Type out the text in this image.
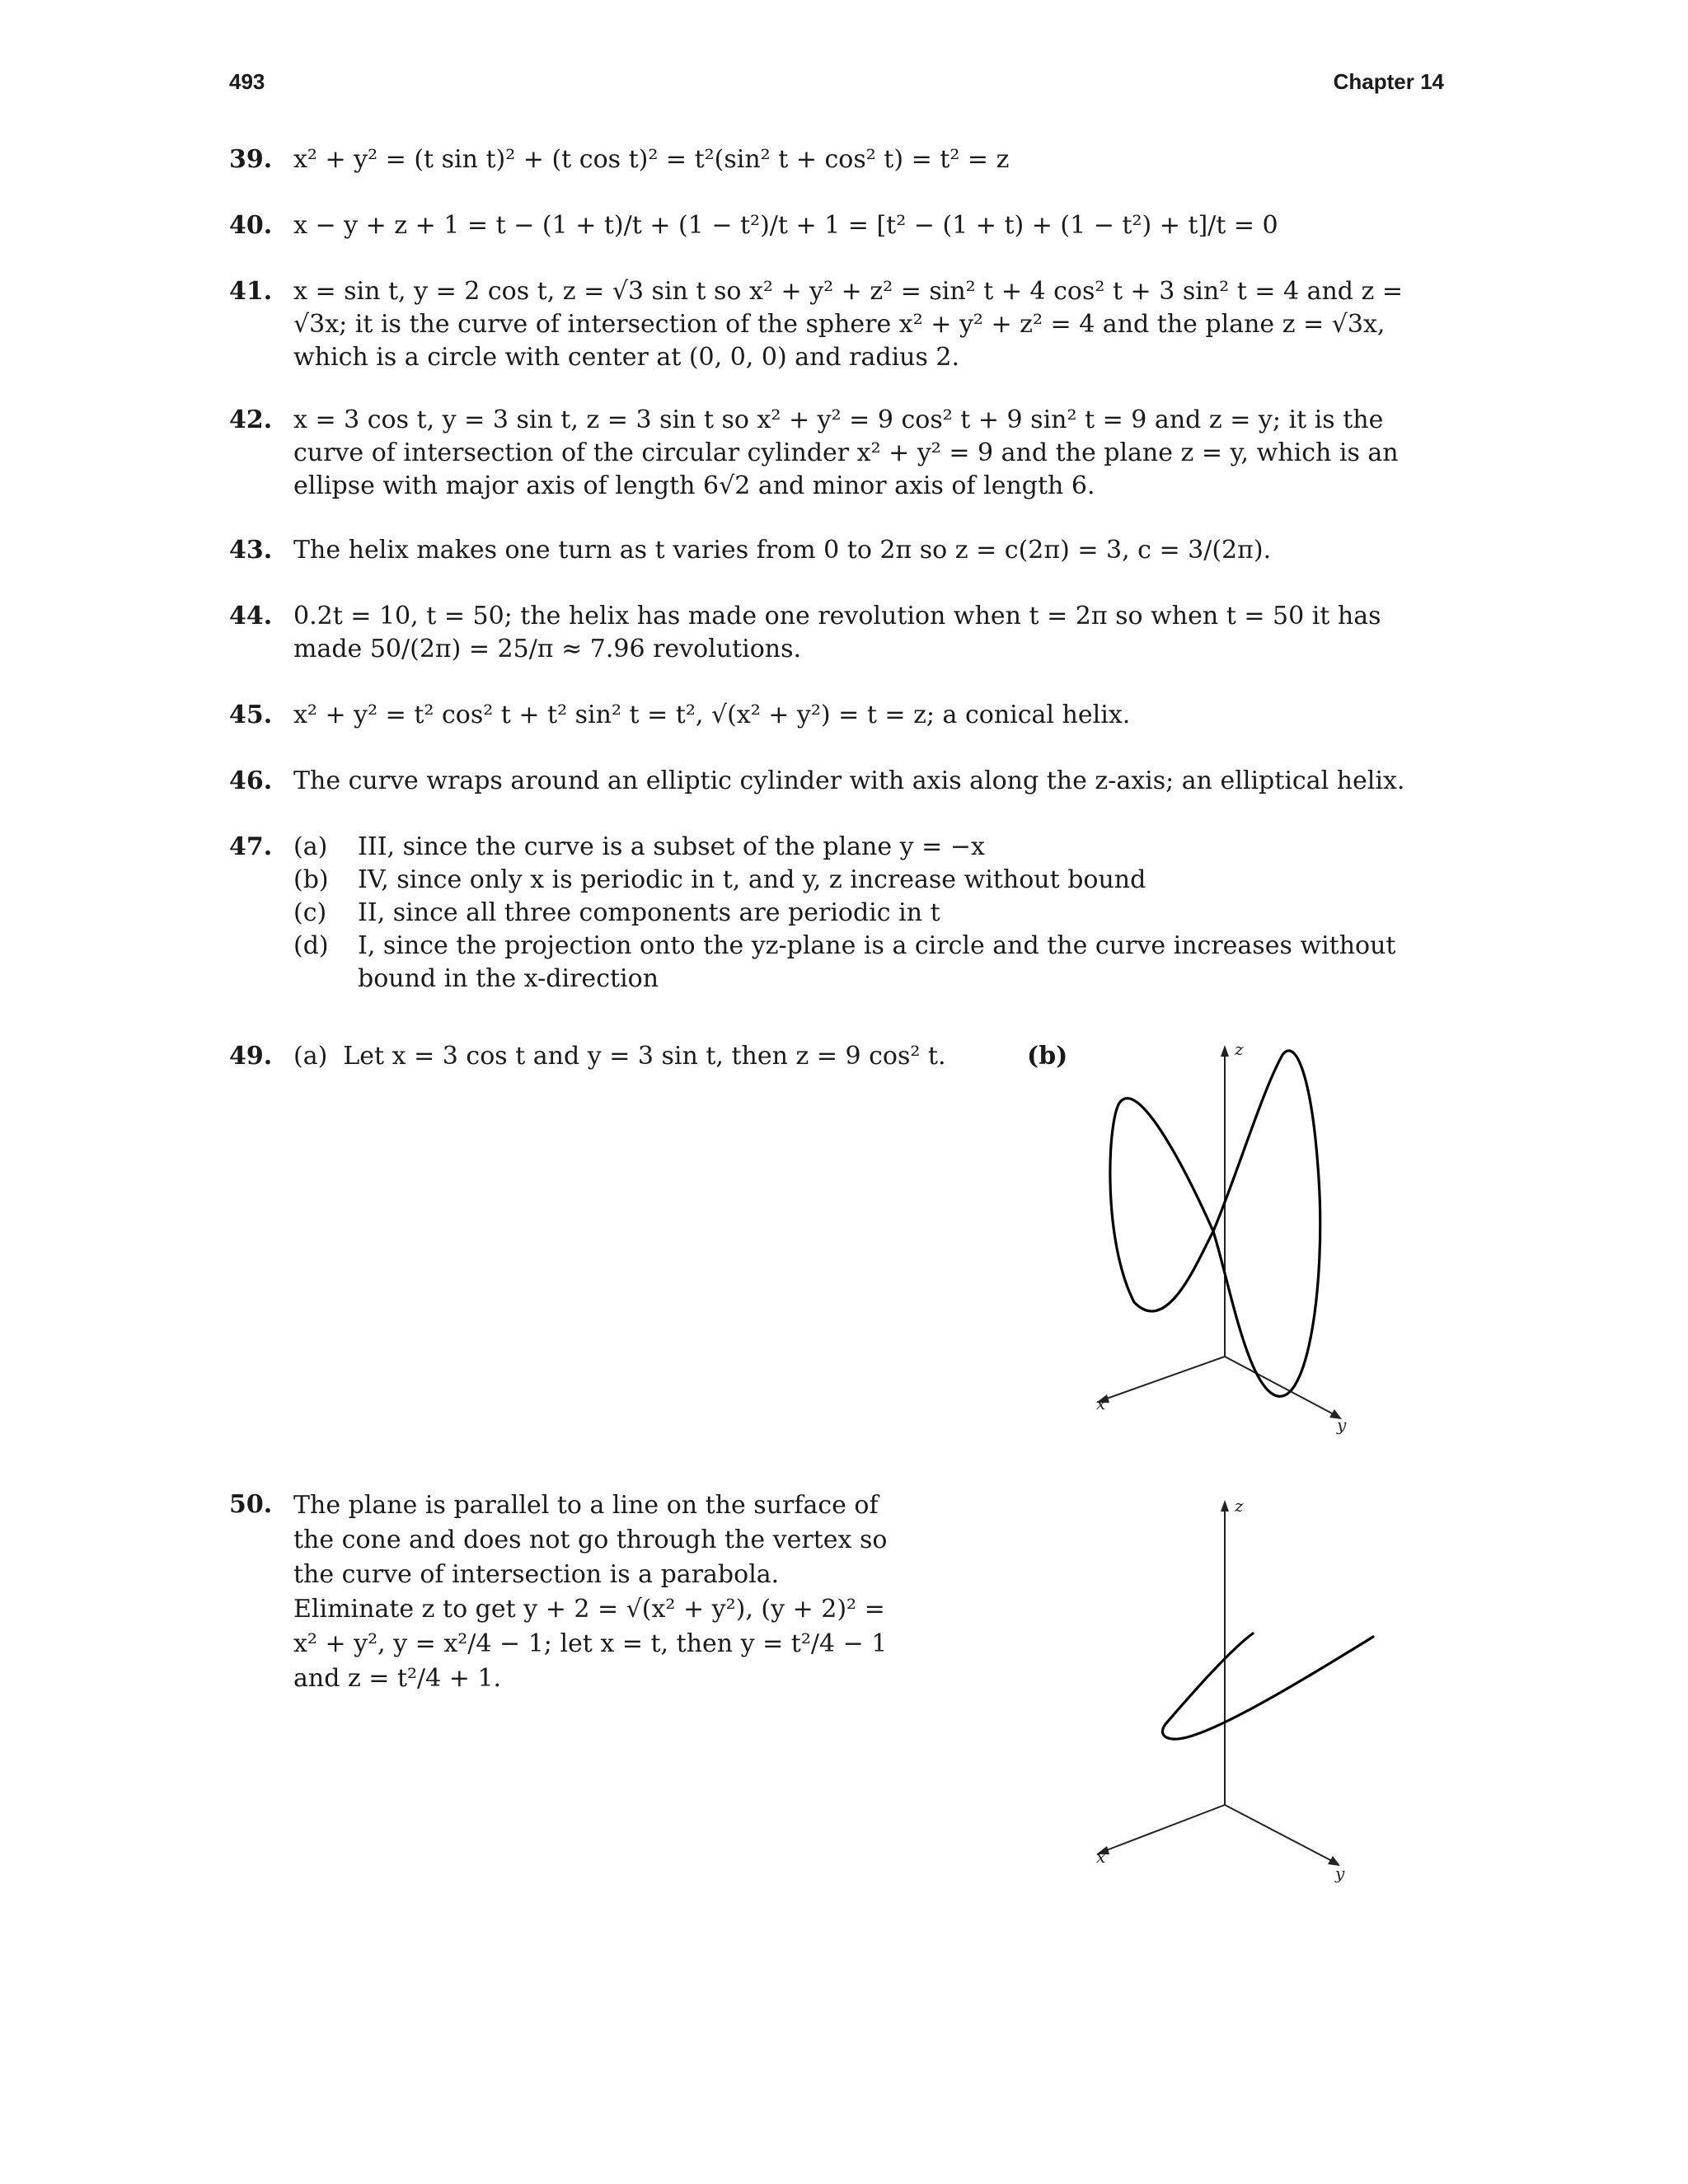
493	Chapter 14
39. x² + y² = (t sin t)² + (t cos t)² = t²(sin² t + cos² t) = t² = z
40. x − y + z + 1 = t − (1 + t)/t + (1 − t²)/t + 1 = [t² − (1 + t) + (1 − t²) + t]/t = 0
41. x = sin t, y = 2 cos t, z = √3 sin t so x² + y² + z² = sin² t + 4 cos² t + 3 sin² t = 4 and z = √3x; it is the curve of intersection of the sphere x² + y² + z² = 4 and the plane z = √3x, which is a circle with center at (0, 0, 0) and radius 2.
42. x = 3 cos t, y = 3 sin t, z = 3 sin t so x² + y² = 9 cos² t + 9 sin² t = 9 and z = y; it is the curve of intersection of the circular cylinder x² + y² = 9 and the plane z = y, which is an ellipse with major axis of length 6√2 and minor axis of length 6.
43. The helix makes one turn as t varies from 0 to 2π so z = c(2π) = 3, c = 3/(2π).
44. 0.2t = 10, t = 50; the helix has made one revolution when t = 2π so when t = 50 it has made 50/(2π) = 25/π ≈ 7.96 revolutions.
45. x² + y² = t² cos² t + t² sin² t = t², √(x² + y²) = t = z; a conical helix.
46. The curve wraps around an elliptic cylinder with axis along the z-axis; an elliptical helix.
47. (a) III, since the curve is a subset of the plane y = −x
(b) IV, since only x is periodic in t, and y, z increase without bound
(c) II, since all three components are periodic in t
(d) I, since the projection onto the yz-plane is a circle and the curve increases without bound in the x-direction
49. (a) Let x = 3 cos t and y = 3 sin t, then z = 9 cos² t.	(b)	z
x
y
50. The plane is parallel to a line on the surface of the cone and does not go through the vertex so the curve of intersection is a parabola. Eliminate z to get y + 2 = √(x² + y²), (y + 2)² = x² + y², y = x²/4 − 1; let x = t, then y = t²/4 − 1 and z = t²/4 + 1.
z
x
y
